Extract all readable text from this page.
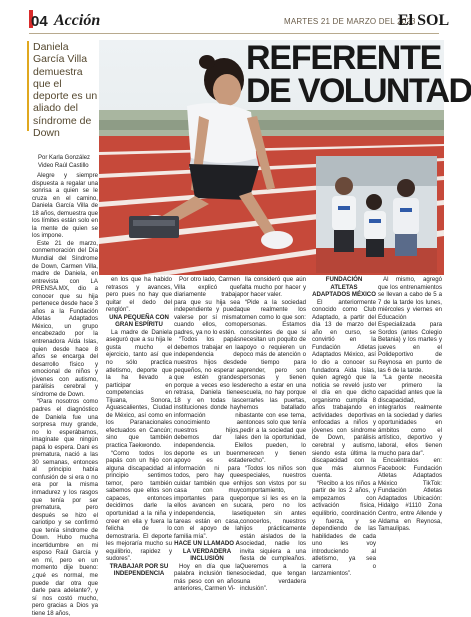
04 Acción	MARTES 21 DE MARZO DEL 2023
El SOL
Daniela García Villa demuestra que el deporte es un aliado del síndrome de Down
REFERENTE
DE VOLUNTAD
Por Karla González
Video Raúl Castillo

Alegre y siempre dispuesta a regalar una sonrisa a quien se le cruza en el camino, Daniela García Villa de 18 años, demuestra que los límites están solo en la mente de quien se los impone.

Este 21 de marzo, conmemoración del Día Mundial del Síndrome de Down, Carmen Villa, madre de Daniela, en entrevista con LA PRENSA.MX, dio a conocer que su hija pertenece desde hace 3 años a la Fundación Atletas Adaptados México, un grupo encabezado por la entrenadora Aída Islas, quien desde hace 8 años se encarga del desarrollo físico y emocional de niños y jóvenes con autismo, parálisis cerebral y síndrome de Down.

“Para nosotros como padres el diagnóstico de Daniela fue una sorpresa muy grande, no lo esperábamos, imagínate que ningún papá lo espera. Dani es prematura, nació a las 30 semanas, entonces al principio había confusión de si era o no era por la misma inmadurez y los rasgos que tenía por ser prematura, pero después se hizo el cariotipo y se confirmó que tenía síndrome de Down. Hubo mucha incertidumbre en mi esposo Raúl García y en mí, pero en un momento dije bueno: ¿qué es normal, me puede dar otra que darle para adelante?, y sí nos costó mucho, pero gracias a Dios ya tiene 18 años,

en los que ha habido retrasos y avances, pero pues no hay que quitar el dedo del renglón”.

UNA PEQUEÑA CON GRAN ESPÍRITU

La madre de Daniela aseguró que a su hija le gusta mucho el ejercicio, tanto así que no sólo practica atletismo, deporte que la ha llevado a participar en competencias en Tijuana, Sonora, Aguascalientes, Ciudad de México, así como en los Paranacionales efectuados en Cancún; sino que también practica Taekwondo.

“Como todos los papás con un hijo con alguna discapacidad al principio sentimos temor, pero también sabemos que ellos son capaces, entonces decidimos darle la oportunidad a la niña y creer en ella y fuera la felicha de lo demostraría. El deporte les mejoraría mucho su equilibrio, rapidez y sudores”.

TRABAJAR POR SU INDEPENDENCIA

Por otro lado, Carmen Villa explicó que diariamente trabaja para que su hija sea independiente y pueda valerse por sí misma cuando ellos, como padres, ya no lo estén.

“Todos los papás debemos trabajar en la independencia de nuestros hijos desde pequeños, no esperar a que estén grandes porque a veces eso les retrasa, Daniela tiene 18 y en todas las instituciones donde hay información ni conocimiento a nuestros hijos, debemos dar la independencia. El deporte es un buen apoyo es esta información ni para todos, pero hay que cuidar también que en casa con muy importantes para que ellos avancen en su independencia, las tareas están en casa, con el apoyo de la familia mía”.

HACE UN LLAMADO A LA VERDADERA INCLUSIÓN

Hoy en día que la palabra inclusión tiene más peso con en años anteriores, Carmen Vi-

lla consideró que aún falta mucho por hacer y por hacer valer.

“Pide a la sociedad que realmente los tomen como lo que son: personas. Estamos conscientes de que si necesitan un poquito de apoyo o requieren un poco más de atención o de tiempo para aprender, pero son personas y tienen derecho a estar en una escuela, no hay porque cerrarles las puertas, hemos batallado bastante con ese tema, entonces solo que tenía pedir a la sociedad que les den la oportunidad, ellos pueden, lo merecen y tienen derecho”.

“Todos los niños son especiales, nuestros hijos son vistos por su comportamiento, porque sí les es en la cara, pero no los etiqueten sin antes conocerlos, nuestros hijos prácticamente están aislados de la sociedad, nadie los invita siquiera a una fiesta de cumpleaños. Queremos a la sociedad, que tengan una verdadera inclusión”.

FUNDACIÓN ATLETAS ADAPTADOS MÉXICO

El anteriormente conocido como Club Adaptado, a partir del día 13 de marzo del año en curso, se convirtió en la Fundación Atletas Adaptados México, así lo dio a conocer su fundadora Aida Islas, quien agregó que la noticia se reveló justo el día en que dicho organismo cumplía 8 años trabajando en actividades deportivas enfocadas a niños y jóvenes con síndrome de Down, parálisis cerebral y autismo, siendo esta última la discapacidad con la que más alumnos cuenta.

“Recibo a los niños a partir de los 2 años, y empezamos con activación física, equilibrio, coordinación y fuerza, y se dependiendo de las habilidades de cada uno les voy introduciendo al atletismo, ya sea carrera o lanzamientos”.

Al mismo, agregó que los entrenamientos se llevan a cabo de 5 a 7 de la tarde los lunes, miércoles y viernes en Educación Especializada para Sordos (antes Colegio Betania) y los martes y jueves en el Polideportivo de Reynosa en punto de las 6 de la tarde.

“La gente necesita ver primero la capacidad antes que la discapacidad, integrarlos realmente en la sociedad y darles oportunidades en ámbitos como el artístico, deportivo y laboral, ellos tienen mucho para dar”.

Encuéntralos en: Facebook: Fundación Atletas Adaptados México TikTok: Fundación Atletas Adaptados Ubicación: Hidalgo #1110 Zona Centro, entre Allende y Aldama en Reynosa, Tamaulipas.
